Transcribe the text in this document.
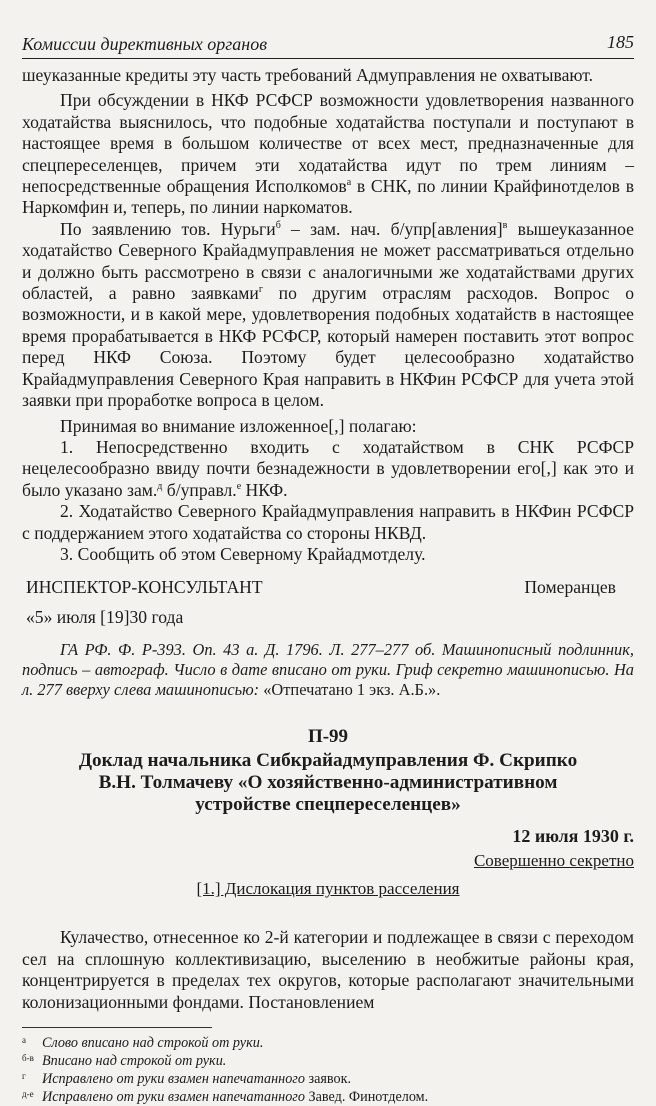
Комиссии директивных органов	185

шеуказанные кредиты эту часть требований Адмуправления не охватывают.

При обсуждении в НКФ РСФСР возможности удовлетворения названного ходатайства выяснилось, что подобные ходатайства поступали и поступают в настоящее время в большом количестве от всех мест, предназначенные для спецпереселенцев, причем эти ходатайства идут по трем линиям – непосредственные обращения Исполкомов$^а$ в СНК, по линии Крайфинотделов в Наркомфин и, теперь, по линии наркоматов.

По заявлению тов. Нурьги$^б$ – зам. нач. б/упр[авления]$^в$ вышеуказанное ходатайство Северного Крайадмуправления не может рассматриваться отдельно и должно быть рассмотрено в связи с аналогичными же ходатайствами других областей, а равно заявками$^г$ по другим отраслям расходов. Вопрос о возможности, и в какой мере, удовлетворения подобных ходатайств в настоящее время прорабатывается в НКФ РСФСР, который намерен поставить этот вопрос перед НКФ Союза. Поэтому будет целесообразно ходатайство Крайадмуправления Северного Края направить в НКФин РСФСР для учета этой заявки при проработке вопроса в целом.

Принимая во внимание изложенное[,] полагаю:

1. Непосредственно входить с ходатайством в СНК РСФСР нецелесообразно ввиду почти безнадежности в удовлетворении его[,] как это и было указано зам.$^д$ б/управл.$^е$ НКФ.

2. Ходатайство Северного Крайадмуправления направить в НКФин РСФСР с поддержанием этого ходатайства со стороны НКВД.

3. Сообщить об этом Северному Крайадмотделу.

ИНСПЕКТОР-КОНСУЛЬТАНТ	Померанцев
«5» июля [19]30 года
ГА РФ. Ф. Р-393. Оп. 43 а. Д. 1796. Л. 277–277 об. Машинописный подлинник, подпись – автограф. Число в дате вписано от руки. Гриф секретно машинописью. На л. 277 вверху слева машинописью: «Отпечатано 1 экз. А.Б.».
П-99
Доклад начальника Сибкрайадмуправления Ф. Скрипко
В.Н. Толмачеву «О хозяйственно-административном
устройстве спецпереселенцев»
12 июля 1930 г.
Совершенно секретно
[1.] Дислокация пунктов расселения

Кулачество, отнесенное ко 2-й категории и подлежащее в связи с переходом сел на сплошную коллективизацию, выселению в необжитые районы края, концентрируется в пределах тех округов, которые располагают значительными колонизационными фондами. Постановлением

а	Слово вписано над строкой от руки.
б-в Вписано над строкой от руки.
г	Исправлено от руки взамен напечатанного заявок.
д-е Исправлено от руки взамен напечатанного Завед. Финотделом.
